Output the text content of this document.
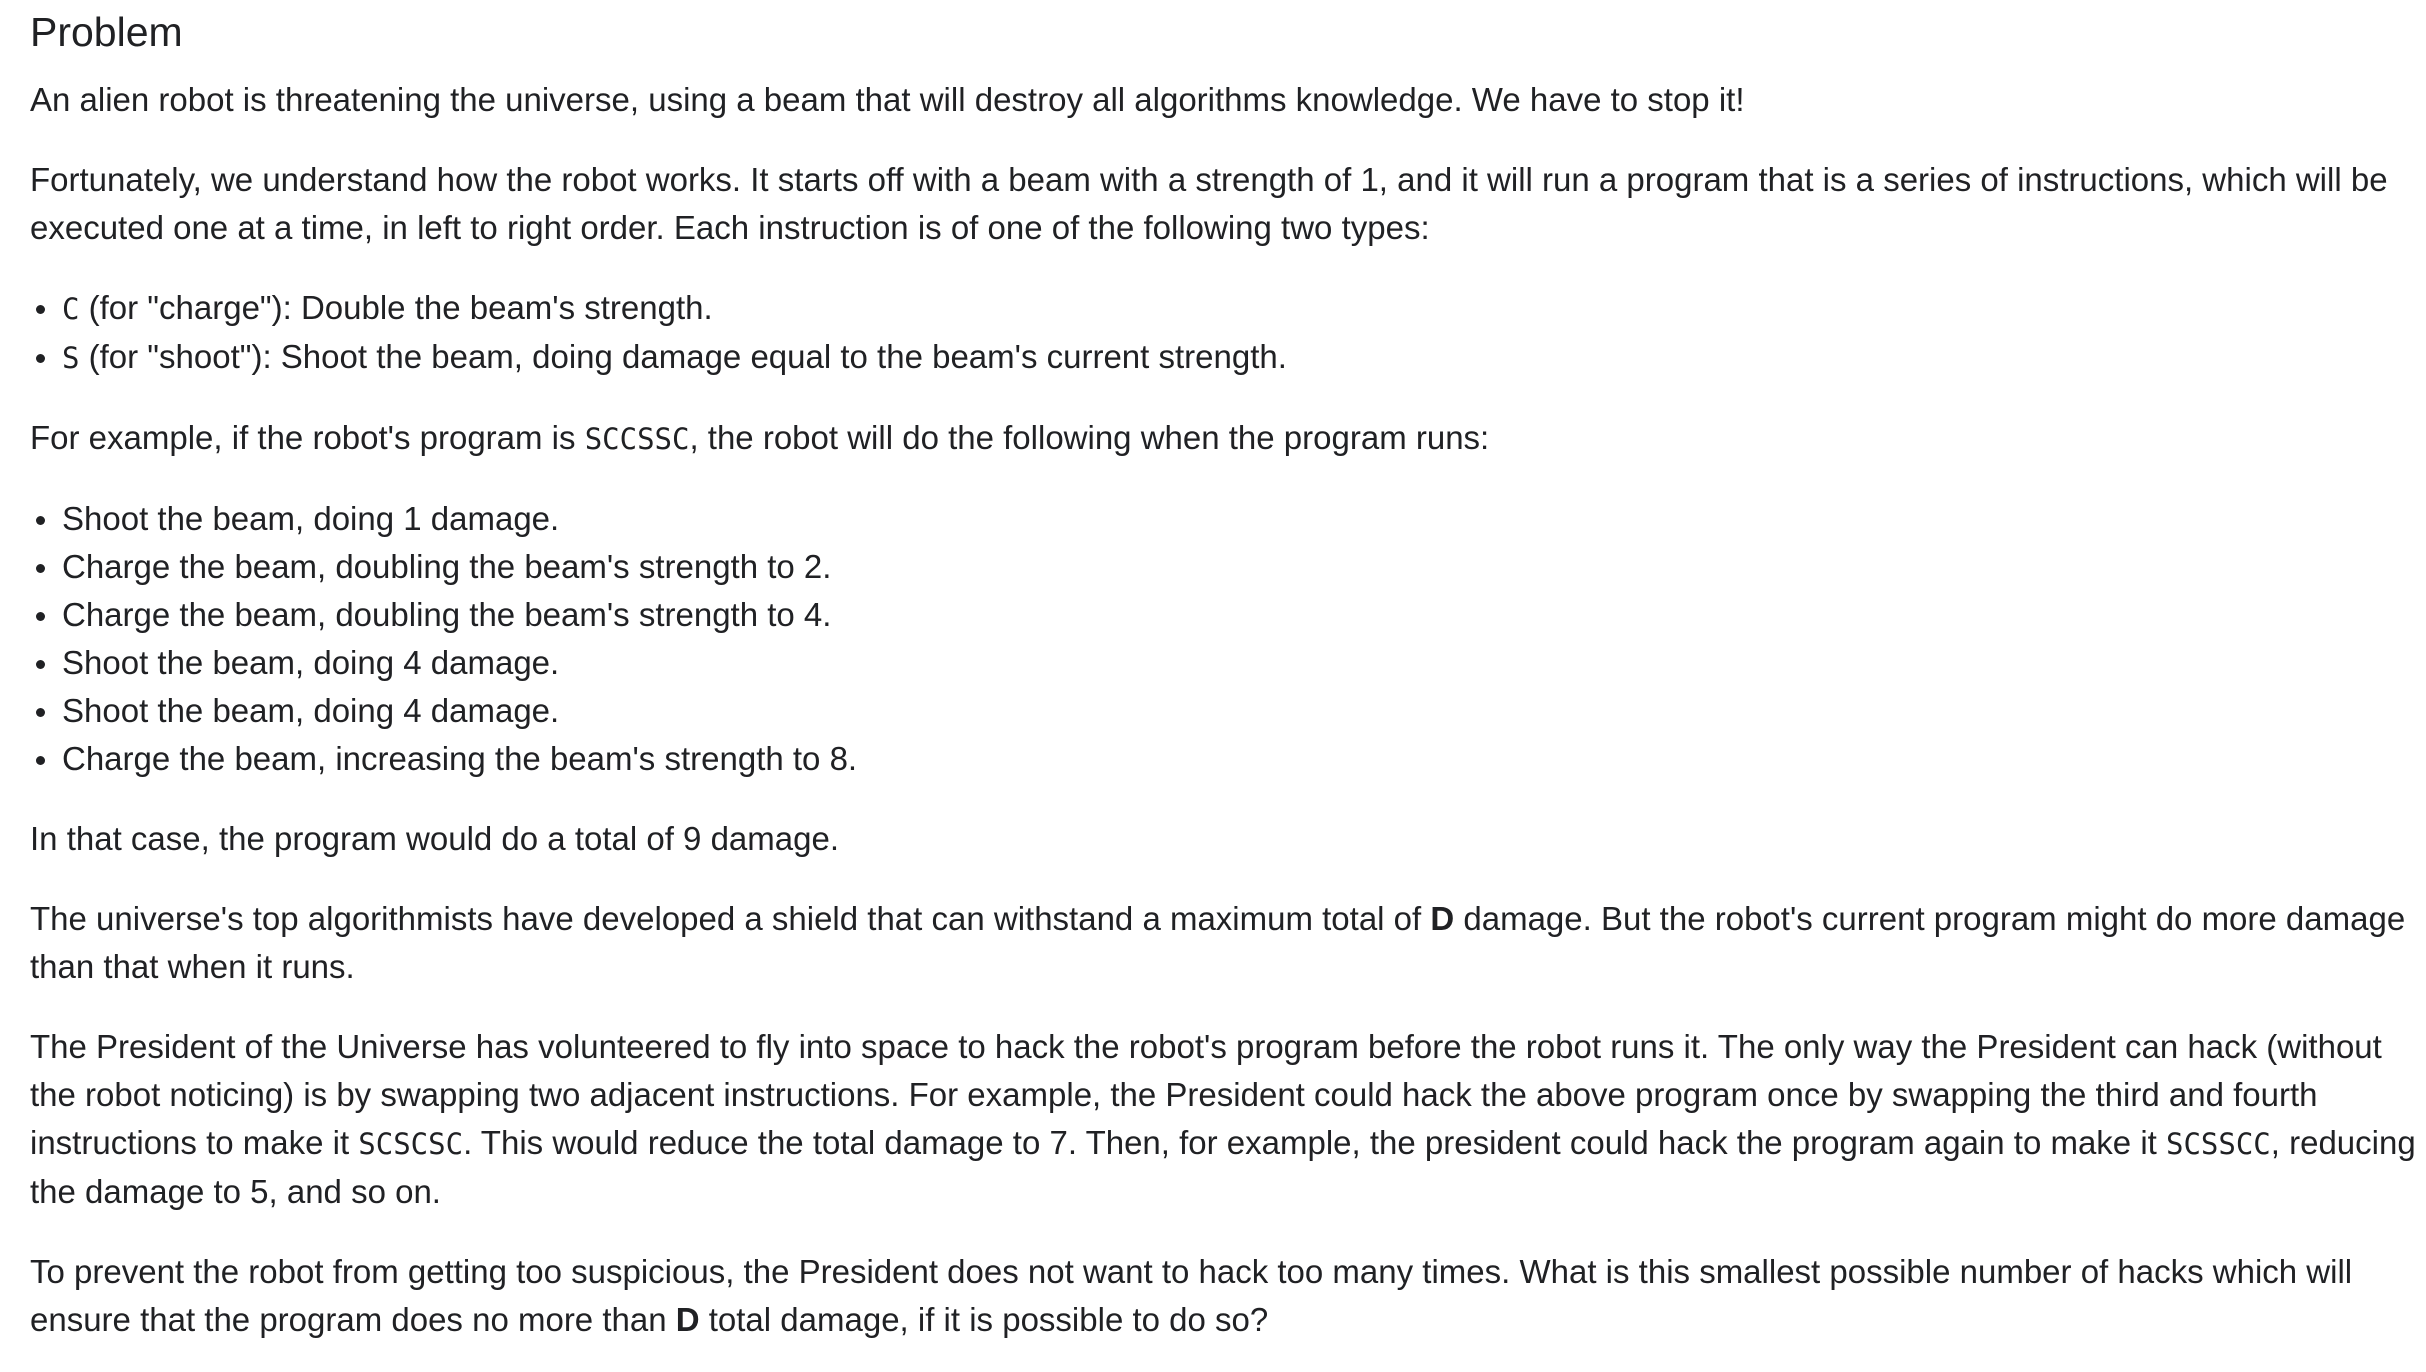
Problem

An alien robot is threatening the universe, using a beam that will destroy all algorithms knowledge. We have to stop it!

Fortunately, we understand how the robot works. It starts off with a beam with a strength of 1, and it will run a program that is a series of instructions, which will be executed one at a time, in left to right order. Each instruction is of one of the following two types:

C (for "charge"): Double the beam's strength.
S (for "shoot"): Shoot the beam, doing damage equal to the beam's current strength.

For example, if the robot's program is SCCSSC, the robot will do the following when the program runs:

Shoot the beam, doing 1 damage.
Charge the beam, doubling the beam's strength to 2.
Charge the beam, doubling the beam's strength to 4.
Shoot the beam, doing 4 damage.
Shoot the beam, doing 4 damage.
Charge the beam, increasing the beam's strength to 8.

In that case, the program would do a total of 9 damage.

The universe's top algorithmists have developed a shield that can withstand a maximum total of D damage. But the robot's current program might do more damage than that when it runs.

The President of the Universe has volunteered to fly into space to hack the robot's program before the robot runs it. The only way the President can hack (without the robot noticing) is by swapping two adjacent instructions. For example, the President could hack the above program once by swapping the third and fourth instructions to make it SCSCSC. This would reduce the total damage to 7. Then, for example, the president could hack the program again to make it SCSSCC, reducing the damage to 5, and so on.

To prevent the robot from getting too suspicious, the President does not want to hack too many times. What is this smallest possible number of hacks which will ensure that the program does no more than D total damage, if it is possible to do so?
